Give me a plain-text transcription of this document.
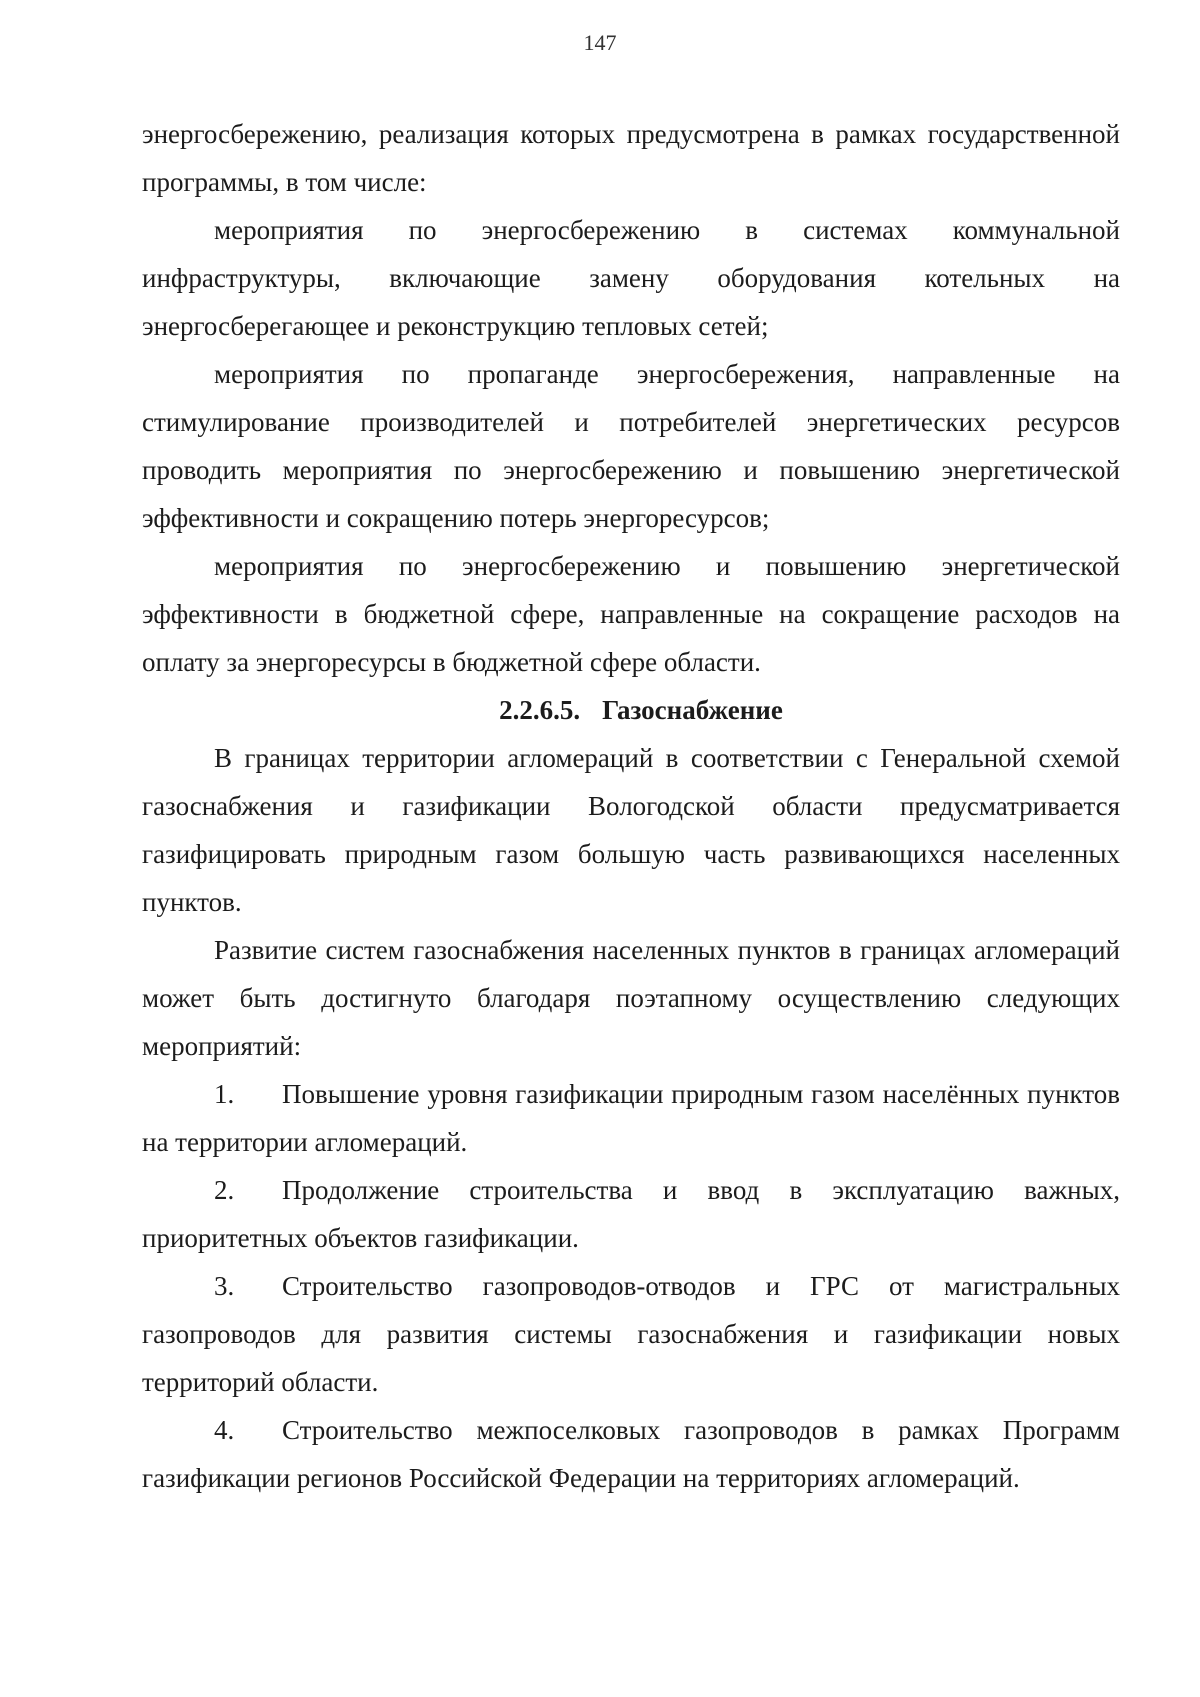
147

энергосбережению, реализация которых предусмотрена в рамках государственной программы, в том числе:

мероприятия по энергосбережению в системах коммунальной инфраструктуры, включающие замену оборудования котельных на энергосберегающее и реконструкцию тепловых сетей;

мероприятия по пропаганде энергосбережения, направленные на стимулирование производителей и потребителей энергетических ресурсов проводить мероприятия по энергосбережению и повышению энергетической эффективности и сокращению потерь энергоресурсов;

мероприятия по энергосбережению и повышению энергетической эффективности в бюджетной сфере, направленные на сокращение расходов на оплату за энергоресурсы в бюджетной сфере области.

2.2.6.5. Газоснабжение

В границах территории агломераций в соответствии с Генеральной схемой газоснабжения и газификации Вологодской области предусматривается газифицировать природным газом большую часть развивающихся населенных пунктов.

Развитие систем газоснабжения населенных пунктов в границах агломераций может быть достигнуто благодаря поэтапному осуществлению следующих мероприятий:

1. Повышение уровня газификации природным газом населённых пунктов на территории агломераций.

2. Продолжение строительства и ввод в эксплуатацию важных, приоритетных объектов газификации.

3. Строительство газопроводов-отводов и ГРС от магистральных газопроводов для развития системы газоснабжения и газификации новых территорий области.

4. Строительство межпоселковых газопроводов в рамках Программ газификации регионов Российской Федерации на территориях агломераций.
